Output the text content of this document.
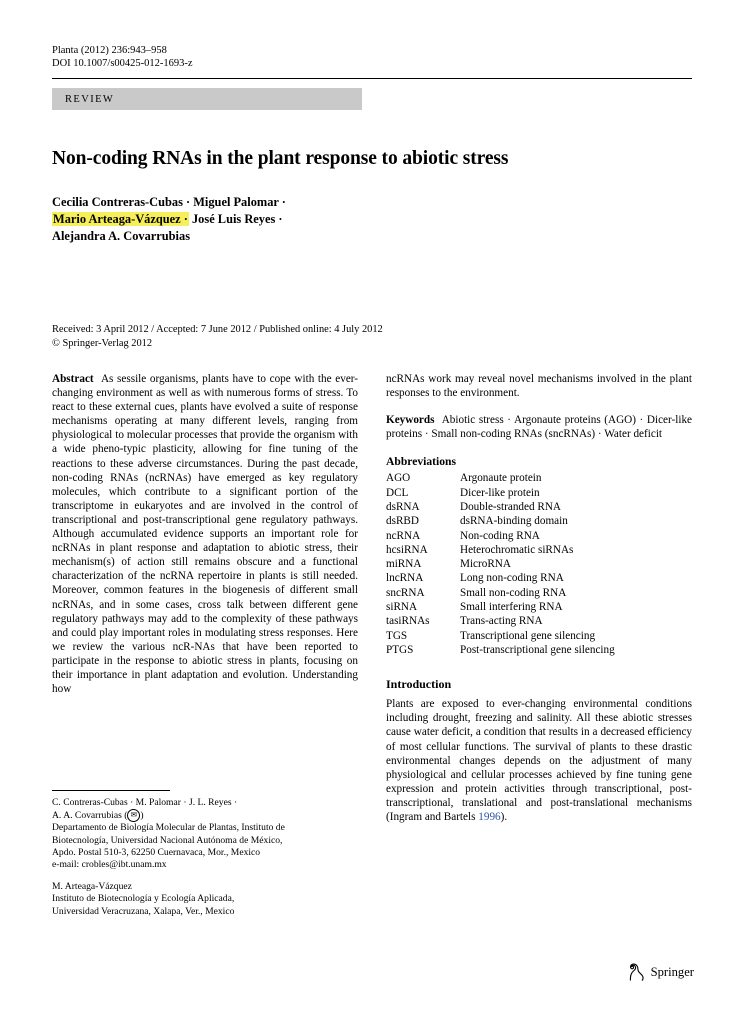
Planta (2012) 236:943–958
DOI 10.1007/s00425-012-1693-z
REVIEW
Non-coding RNAs in the plant response to abiotic stress
Cecilia Contreras-Cubas · Miguel Palomar ·
Mario Arteaga-Vázquez · José Luis Reyes ·
Alejandra A. Covarrubias
Received: 3 April 2012 / Accepted: 7 June 2012 / Published online: 4 July 2012
© Springer-Verlag 2012
Abstract As sessile organisms, plants have to cope with the ever-changing environment as well as with numerous forms of stress. To react to these external cues, plants have evolved a suite of response mechanisms operating at many different levels, ranging from physiological to molecular processes that provide the organism with a wide pheno-typic plasticity, allowing for fine tuning of the reactions to these adverse circumstances. During the past decade, non-coding RNAs (ncRNAs) have emerged as key regulatory molecules, which contribute to a significant portion of the transcriptome in eukaryotes and are involved in the control of transcriptional and post-transcriptional gene regulatory pathways. Although accumulated evidence supports an important role for ncRNAs in plant response and adaptation to abiotic stress, their mechanism(s) of action still remains obscure and a functional characterization of the ncRNA repertoire in plants is still needed. Moreover, common features in the biogenesis of different small ncRNAs, and in some cases, cross talk between different gene regulatory pathways may add to the complexity of these pathways and could play important roles in modulating stress responses. Here we review the various ncR-NAs that have been reported to participate in the response to abiotic stress in plants, focusing on their importance in plant adaptation and evolution. Understanding how
ncRNAs work may reveal novel mechanisms involved in the plant responses to the environment.
Keywords Abiotic stress · Argonaute proteins (AGO) · Dicer-like proteins · Small non-coding RNAs (sncRNAs) · Water deficit
Abbreviations
AGO	Argonaute protein
DCL	Dicer-like protein
dsRNA	Double-stranded RNA
dsRBD	dsRNA-binding domain
ncRNA	Non-coding RNA
hcsiRNA	Heterochromatic siRNAs
miRNA	MicroRNA
lncRNA	Long non-coding RNA
sncRNA	Small non-coding RNA
siRNA	Small interfering RNA
tasiRNAs	Trans-acting RNA
TGS	Transcriptional gene silencing
PTGS	Post-transcriptional gene silencing
Introduction
Plants are exposed to ever-changing environmental conditions including drought, freezing and salinity. All these abiotic stresses cause water deficit, a condition that results in a decreased efficiency of most cellular functions. The survival of plants to these drastic environmental changes depends on the adjustment of many physiological and cellular processes achieved by fine tuning gene expression and protein activities through transcriptional, post-transcriptional, translational and post-translational mechanisms (Ingram and Bartels 1996).
C. Contreras-Cubas · M. Palomar · J. L. Reyes ·
A. A. Covarrubias ( ✉ )
Departamento de Biología Molecular de Plantas, Instituto de
Biotecnología, Universidad Nacional Autónoma de México,
Apdo. Postal 510-3, 62250 Cuernavaca, Mor., Mexico
e-mail: crobles@ibt.unam.mx
M. Arteaga-Vázquez
Instituto de Biotecnología y Ecología Aplicada,
Universidad Veracruzana, Xalapa, Ver., Mexico
Springer
